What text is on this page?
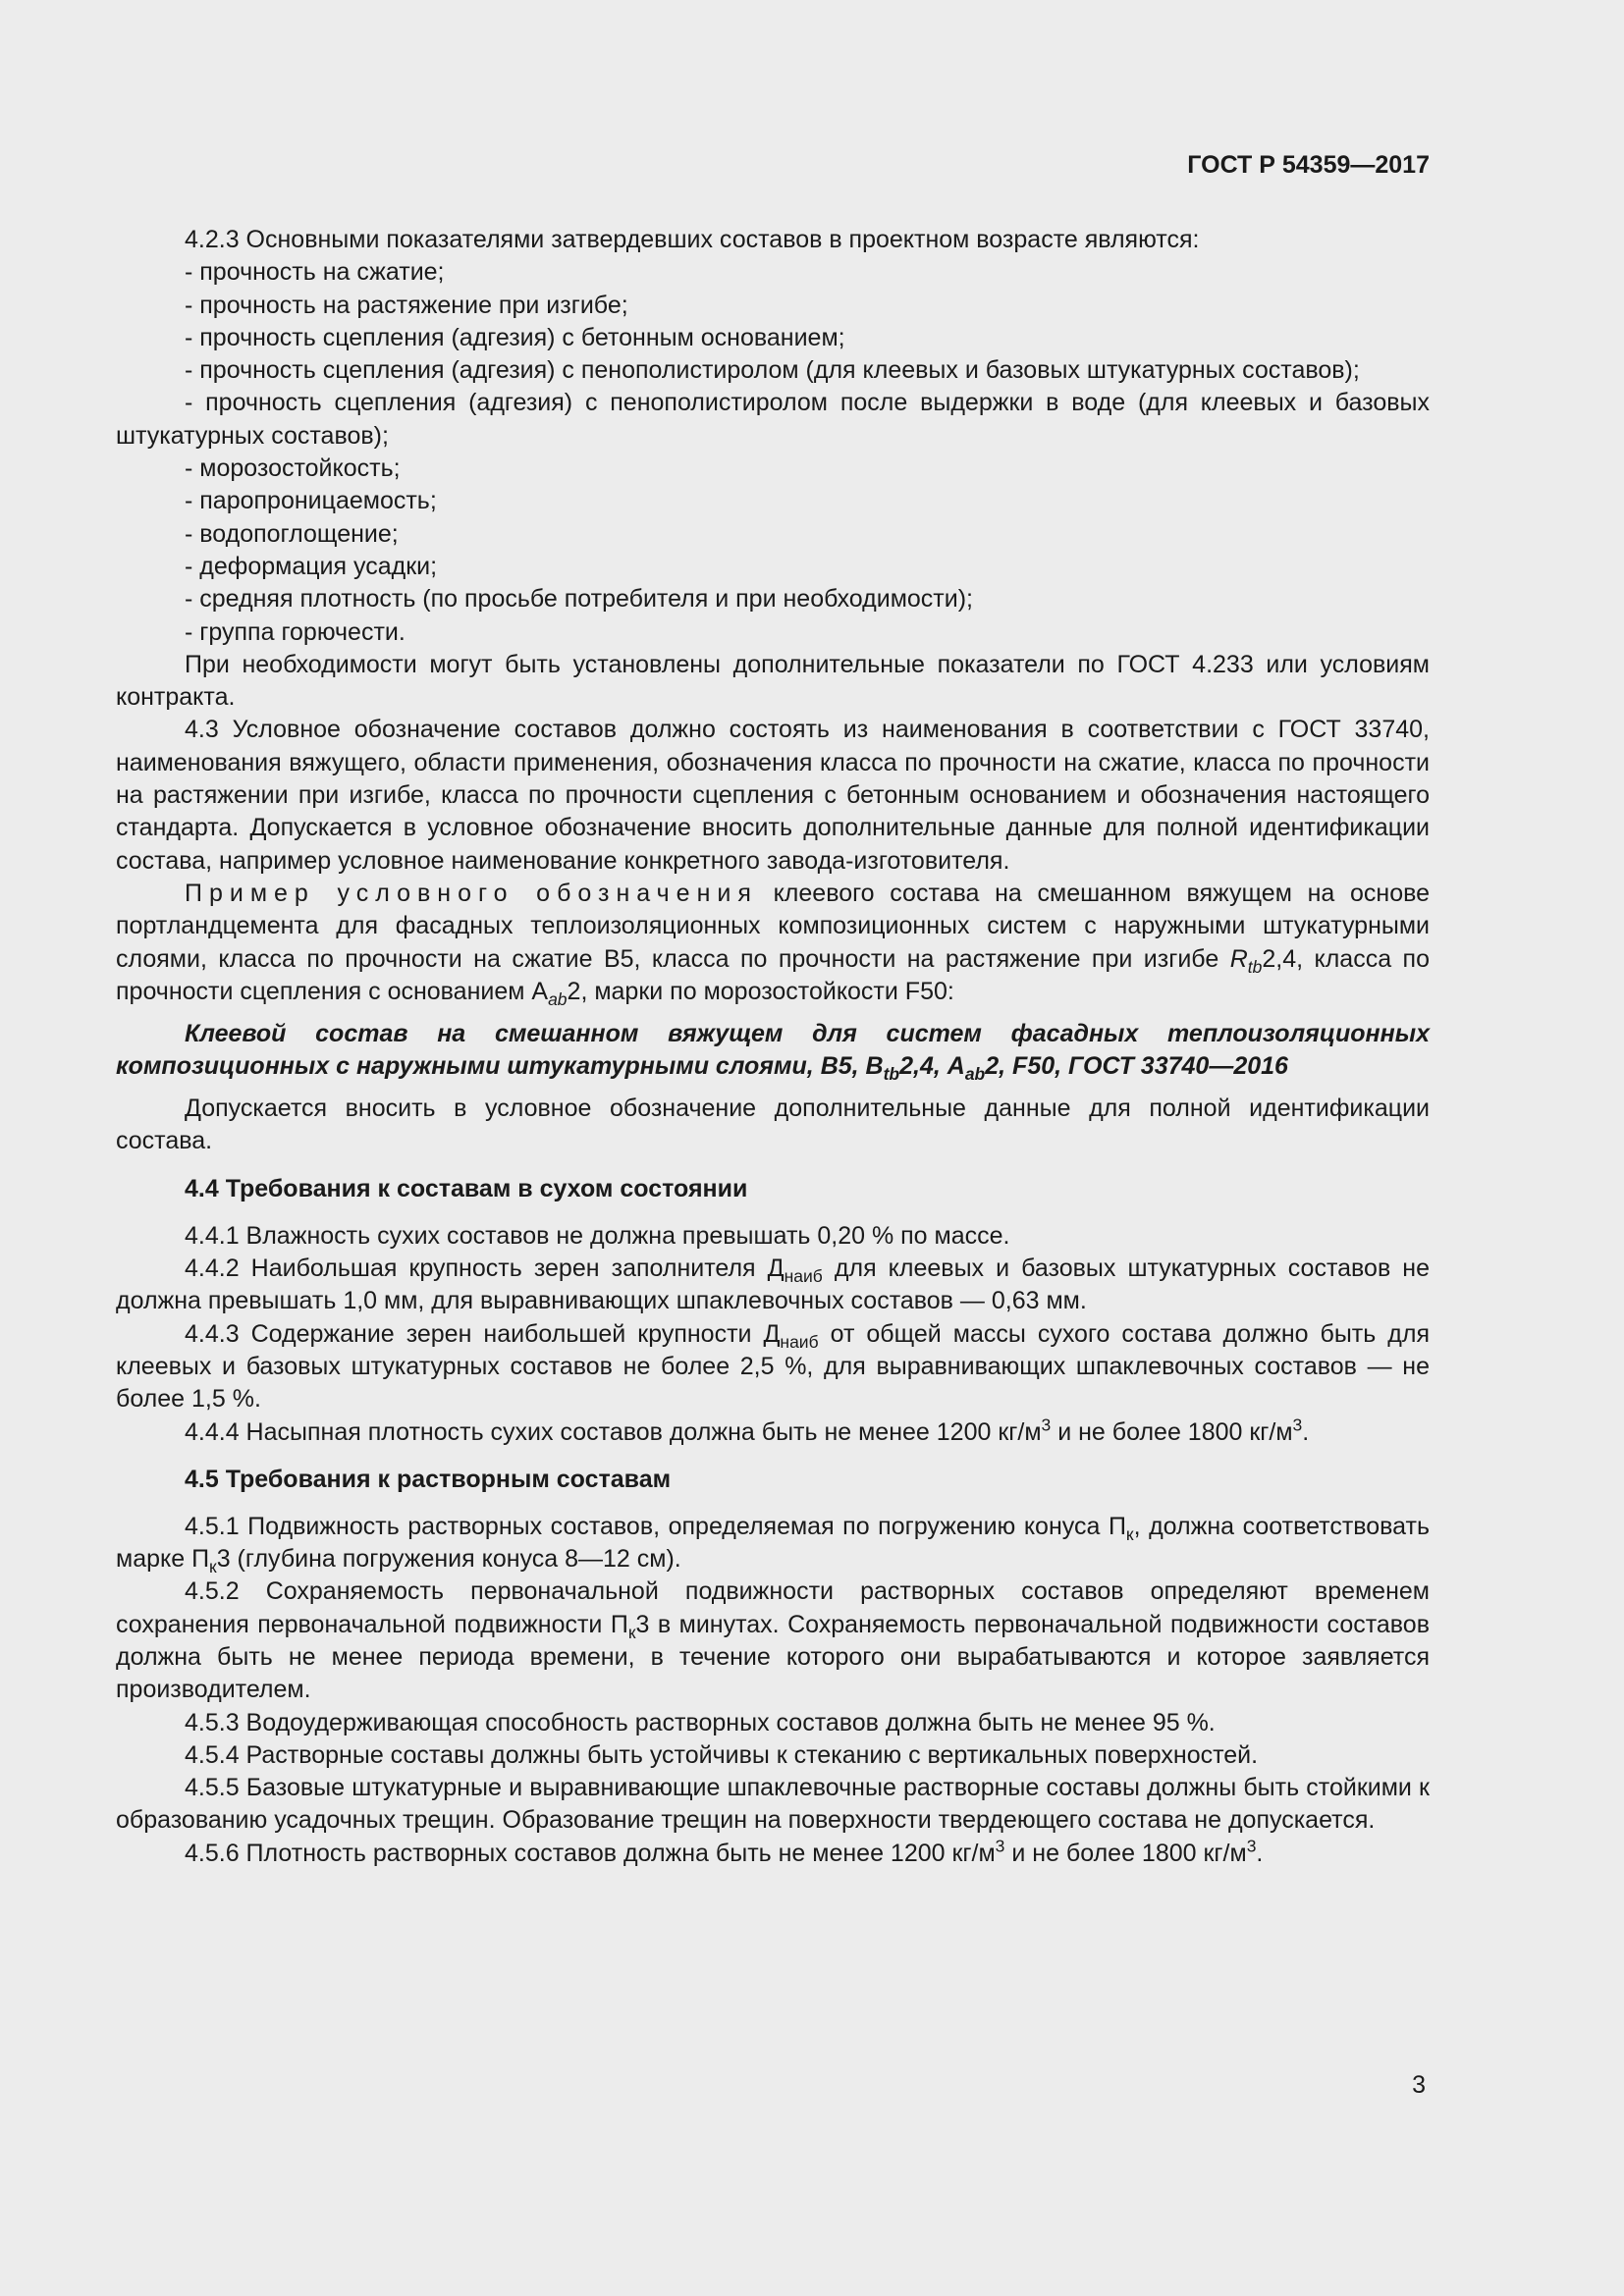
ГОСТ Р 54359—2017

4.2.3 Основными показателями затвердевших составов в проектном возрасте являются:

- прочность на сжатие;

- прочность на растяжение при изгибе;

- прочность сцепления (адгезия) с бетонным основанием;

- прочность сцепления (адгезия) с пенополистиролом (для клеевых и базовых штукатурных составов);

- прочность сцепления (адгезия) с пенополистиролом после выдержки в воде (для клеевых и базовых штукатурных составов);

- морозостойкость;

- паропроницаемость;

- водопоглощение;

- деформация усадки;

- средняя плотность (по просьбе потребителя и при необходимости);

- группа горючести.

При необходимости могут быть установлены дополнительные показатели по ГОСТ 4.233 или условиям контракта.

4.3 Условное обозначение составов должно состоять из наименования в соответствии с ГОСТ 33740, наименования вяжущего, области применения, обозначения класса по прочности на сжатие, класса по прочности на растяжении при изгибе, класса по прочности сцепления с бетонным основанием и обозначения настоящего стандарта. Допускается в условное обозначение вносить дополнительные данные для полной идентификации состава, например условное наименование конкретного завода-изготовителя.

Пример условного обозначения клеевого состава на смешанном вяжущем на основе портландцемента для фасадных теплоизоляционных композиционных систем с наружными штукатурными слоями, класса по прочности на сжатие В5, класса по прочности на растяжение при изгибе $R_{tb}2,4$, класса по прочности сцепления с основанием $А_{ab}2$, марки по морозостойкости F50:

Клеевой состав на смешанном вяжущем для систем фасадных теплоизоляционных композиционных с наружными штукатурными слоями, В5, $В_{tb}2,4$, $А_{ab}2$, F50, ГОСТ 33740—2016

Допускается вносить в условное обозначение дополнительные данные для полной идентификации состава.

4.4 Требования к составам в сухом состоянии

4.4.1 Влажность сухих составов не должна превышать 0,20 % по массе.

4.4.2 Наибольшая крупность зерен заполнителя $Д_{наиб}$ для клеевых и базовых штукатурных составов не должна превышать 1,0 мм, для выравнивающих шпаклевочных составов — 0,63 мм.

4.4.3 Содержание зерен наибольшей крупности $Д_{наиб}$ от общей массы сухого состава должно быть для клеевых и базовых штукатурных составов не более 2,5 %, для выравнивающих шпаклевочных составов — не более 1,5 %.

4.4.4 Насыпная плотность сухих составов должна быть не менее 1200 $кг/м^3$ и не более 1800 $кг/м^3$.

4.5 Требования к растворным составам

4.5.1 Подвижность растворных составов, определяемая по погружению конуса $П_к$, должна соответствовать марке $П_к3$ (глубина погружения конуса 8—12 см).

4.5.2 Сохраняемость первоначальной подвижности растворных составов определяют временем сохранения первоначальной подвижности $П_к3$ в минутах. Сохраняемость первоначальной подвижности составов должна быть не менее периода времени, в течение которого они вырабатываются и которое заявляется производителем.

4.5.3 Водоудерживающая способность растворных составов должна быть не менее 95 %.

4.5.4 Растворные составы должны быть устойчивы к стеканию с вертикальных поверхностей.

4.5.5 Базовые штукатурные и выравнивающие шпаклевочные растворные составы должны быть стойкими к образованию усадочных трещин. Образование трещин на поверхности твердеющего состава не допускается.

4.5.6 Плотность растворных составов должна быть не менее 1200 $кг/м^3$ и не более 1800 $кг/м^3$.

3
